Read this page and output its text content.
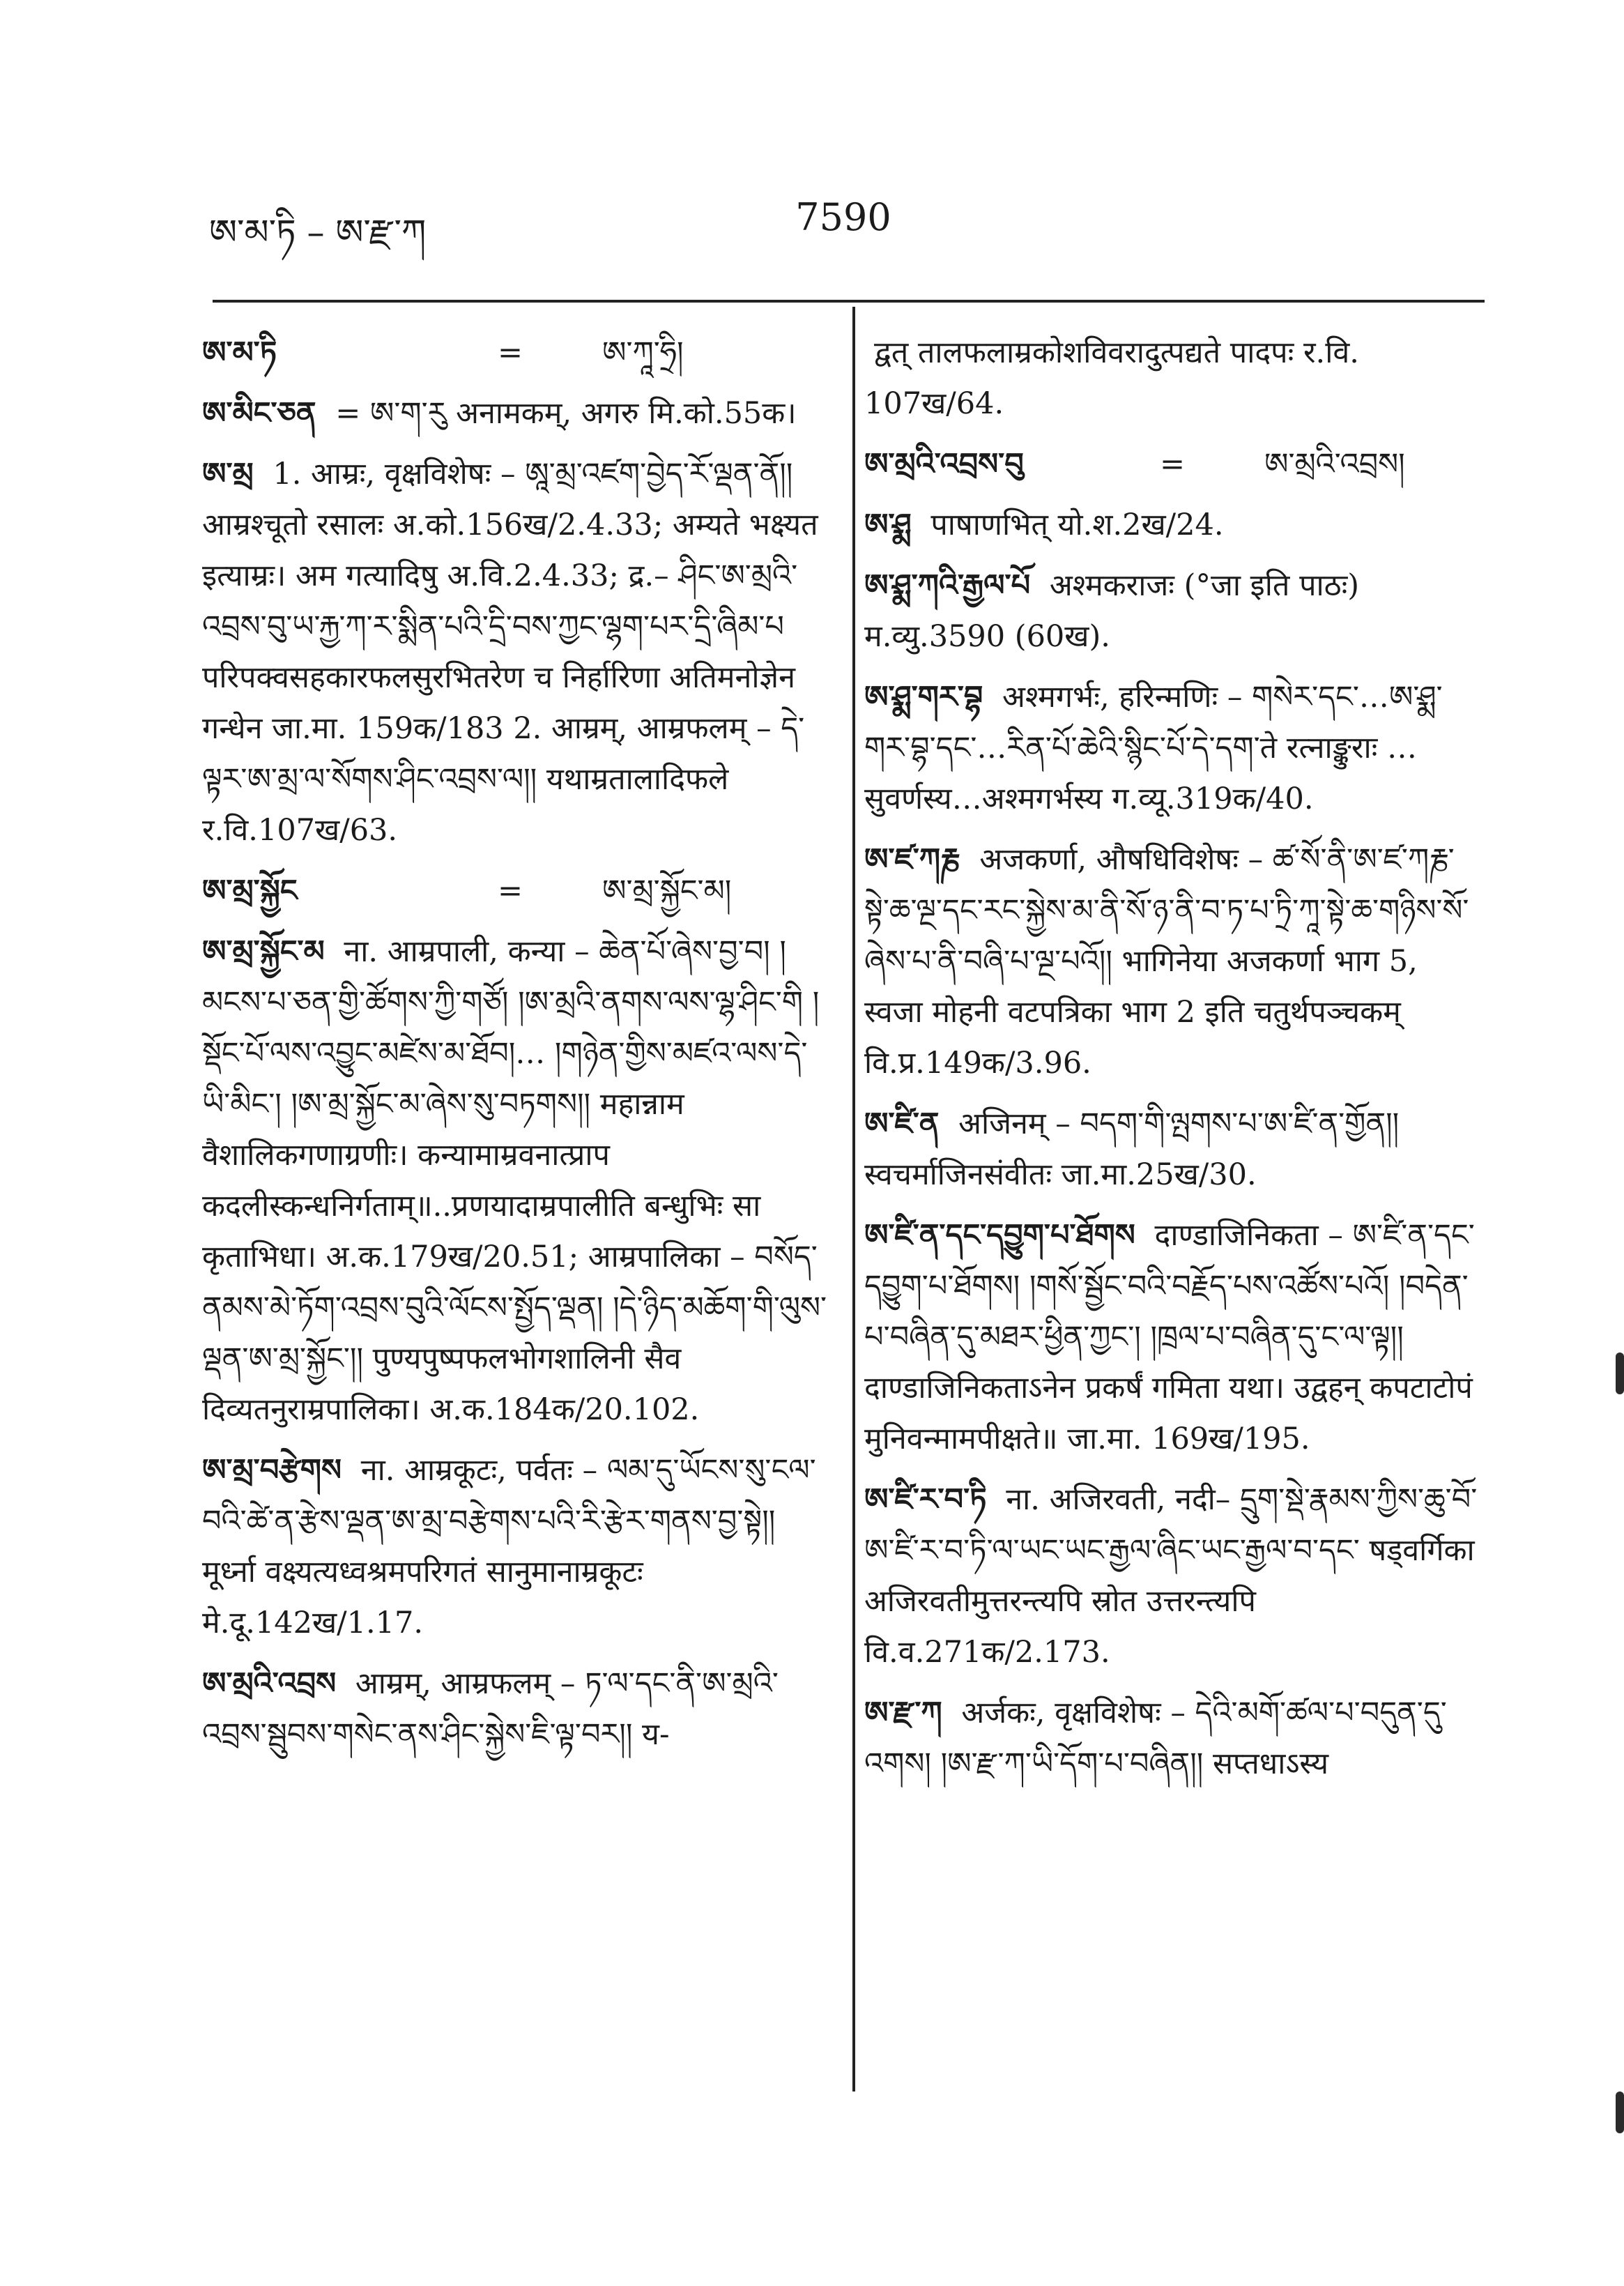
ཨ་མ་ཏི – ཨ་རྫ་ཀ	7590
ཨ་མ་ཏི	=	ཨ་ཀཱ་ཧྲི།
ཨ་མིང་ཅན = ཨ་ག་རུ अनामकम्, अगरु मि.को.55क।
ཨ་མྲ 1. आम्रः, वृक्षविशेषः – ཨཱ་མྲ་འཛག་བྱེད་རོ་ལྡན་ནོ།། आम्रश्चूतो रसालः अ.को.156ख/2.4.33; अम्यते भक्ष्यत इत्याम्रः। अम गत्यादिषु अ.वि.2.4.33; द्र.– ཤིང་ཨ་མྲའི་འབྲས་བུ་ཡ་རྐྱ་ཀ་ར་སྨིན་པའི་དྲི་བས་ཀྱང་ལྷག་པར་དྲི་ཞིམ་པ परिपक्वसहकारफलसुरभितरेण च निर्हारिणा अतिमनोज्ञेन गन्धेन जा.मा. 159क/183 2. आम्रम्, आम्रफलम् – དེ་ལྟར་ཨ་མྲ་ལ་སོགས་ཤིང་འབྲས་ལ།། यथाम्रतालादिफले र.वि.107ख/63.
ཨ་མྲ་སྐྱོང	=	ཨ་མྲ་སྐྱོང་མ།
ཨ་མྲ་སྐྱོང་མ ना. आम्रपाली, कन्या – ཆེན་པོ་ཞེས་བྱ་བ། །མངས་པ་ཅན་གྱི་ཚོགས་ཀྱི་གཙོ། །ཨ་མྲའི་ནགས་ལས་ལྷ་ཤིང་གི །སྡོང་པོ་ལས་འབྱུང་མཛེས་མ་ཐོབ།… །གཉེན་གྱིས་མཛའ་ལས་དེ་ཡི་མིང་། །ཨ་མྲ་སྐྱོང་མ་ཞེས་སུ་བཏགས།། महान्नाम वैशालिकगणाग्रणीः। कन्यामाम्रवनात्प्राप कदलीस्कन्धनिर्गताम्॥..प्रणयादाम्रपालीति बन्धुभिः सा कृताभिधा। अ.क.179ख/20.51; आम्रपालिका – བསོད་ནམས་མེ་ཏོག་འབྲས་བུའི་ལོངས་སྤྱོད་ལྡན། །དེ་ཉིད་མཆོག་གི་ལུས་ལྡན་ཨ་མྲ་སྐྱོང་།། पुण्यपुष्पफलभोगशालिनी सैव दिव्यतनुराम्रपालिका। अ.क.184क/20.102.
ཨ་མྲ་བརྩེགས ना. आम्रकूटः, पर्वतः – ལམ་དུ་ཡོངས་སུ་ངལ་བའི་ཚེ་ན་རྩེས་ལྡན་ཨ་མྲ་བརྩེགས་པའི་རི་རྩེར་གནས་བྱ་སྟེ།། मूर्ध्ना वक्ष्यत्यध्वश्रमपरिगतं सानुमानाम्रकूटः मे.दू.142ख/1.17.
ཨ་མྲའི་འབྲས आम्रम्, आम्रफलम् – ཏ་ལ་དང་ནི་ཨ་མྲའི་འབྲས་སྦུབས་གསེང་ནས་ཤིང་སྐྱེས་ཇི་ལྟ་བར།། य-
द्वत् तालफलाम्रकोशविवरादुत्पद्यते पादपः र.वि. 107ख/64.
ཨ་མྲའི་འབྲས་བུ	=	ཨ་མྲའི་འབྲས།
ཨ་ཤྨ पाषाणभित् यो.श.2ख/24.
ཨ་ཤྨ་ཀའི་རྒྱལ་པོ अश्मकराजः (°जा इति पाठः) म.व्यु.3590 (60ख).
ཨ་ཤྨ་གར་བྷ अश्मगर्भः, हरिन्मणिः – གསེར་དང་…ཨ་ཤྨ་གར་བྷ་དང་…རིན་པོ་ཆེའི་སྙིང་པོ་དེ་དག་ते रत्नाङ्कुराः …सुवर्णस्य…अश्मगर्भस्य ग.व्यू.319क/40.
ཨ་ཛ་ཀརྞ अजकर्णा, औषधिविशेषः – ཚ་སོ་ནི་ཨ་ཛ་ཀརྞ་སྟེ་ཆ་ལྔ་དང་རང་སྐྱེས་མ་ནི་སོ་ཉ་ནི་བ་ཏ་པ་ཏྲི་ཀཱ་སྟེ་ཆ་གཉིས་སོ་ཞེས་པ་ནི་བཞི་པ་ལྔ་པའོ།། भागिनेया अजकर्णा भाग 5, स्वजा मोहनी वटपत्रिका भाग 2 इति चतुर्थपञ्चकम् वि.प्र.149क/3.96.
ཨ་ཛི་ན अजिनम् – བདག་གི་ལྤགས་པ་ཨ་ཛི་ན་གྱོན།། स्वचर्माजिनसंवीतः जा.मा.25ख/30.
ཨ་ཛི་ན་དང་དབྱུག་པ་ཐོགས दाण्डाजिनिकता – ཨ་ཛི་ན་དང་དབྱུག་པ་ཐོགས། །གསོ་སྦྱོང་བའི་བརྗོད་པས་འཚོས་པའོ། །བདེན་པ་བཞིན་དུ་མཐར་ཕྱིན་ཀྱང་། །ཁྲལ་པ་བཞིན་དུ་ང་ལ་ལྟ།། दाण्डाजिनिकताऽनेन प्रकर्षं गमिता यथा। उद्वहन् कपटाटोपं मुनिवन्मामपीक्षते॥ जा.मा. 169ख/195.
ཨ་ཛི་ར་བ་ཏི ना. अजिरवती, नदी– དྲུག་སྡེ་རྣམས་ཀྱིས་ཆུ་བོ་ཨ་ཛི་ར་བ་ཏི་ལ་ཡང་ཡང་རྒྱལ་ཞིང་ཡང་རྒྱལ་བ་དང་ षड्वर्गिका अजिरवतीमुत्तरन्त्यपि स्रोत उत्तरन्त्यपि वि.व.271क/2.173.
ཨ་རྫ་ཀ अर्जकः, वृक्षविशेषः – དེའི་མགོ་ཚལ་པ་བདུན་དུ་འགས། །ཨ་རྫ་ཀ་ཡི་དོག་པ་བཞིན།། सप्तधाऽस्य
